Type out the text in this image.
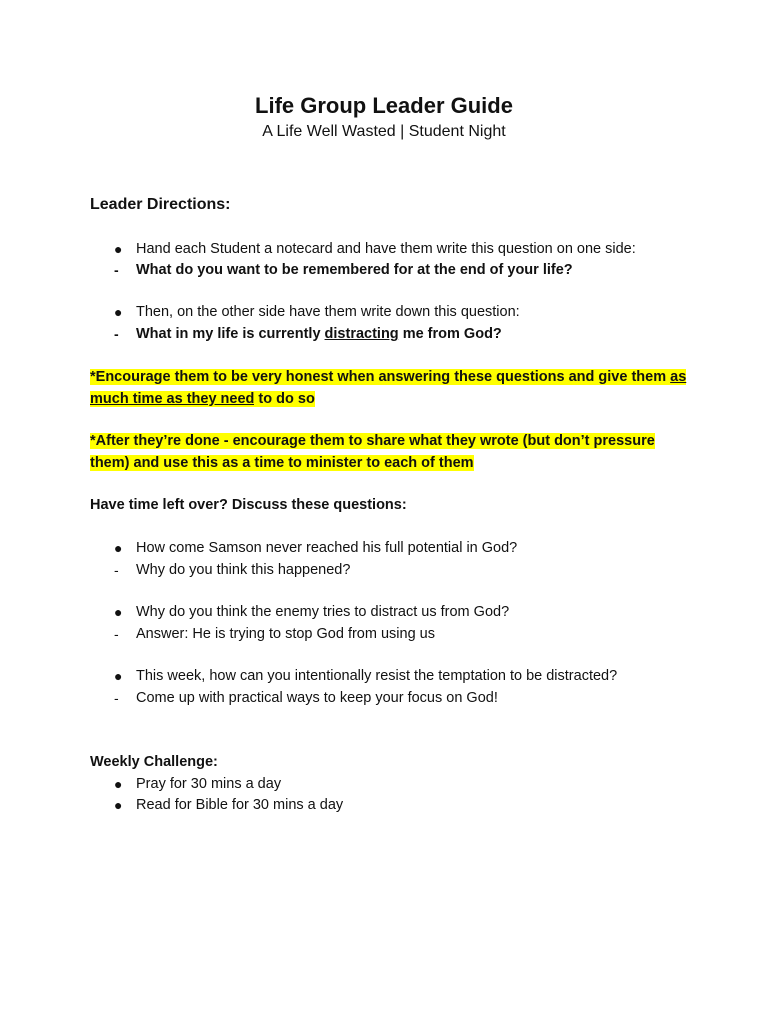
Life Group Leader Guide
A Life Well Wasted | Student Night
Leader Directions:
● Hand each Student a notecard and have them write this question on one side:
-	What do you want to be remembered for at the end of your life?
● Then, on the other side have them write down this question:
-	What in my life is currently distracting me from God?
*Encourage them to be very honest when answering these questions and give them as
much time as they need to do so
*After they’re done - encourage them to share what they wrote (but don’t pressure
them) and use this as a time to minister to each of them
Have time left over? Discuss these questions:
● How come Samson never reached his full potential in God?
-	Why do you think this happened?
● Why do you think the enemy tries to distract us from God?
-	Answer: He is trying to stop God from using us
● This week, how can you intentionally resist the temptation to be distracted?
-	Come up with practical ways to keep your focus on God!
Weekly Challenge:
● Pray for 30 mins a day
● Read for Bible for 30 mins a day
